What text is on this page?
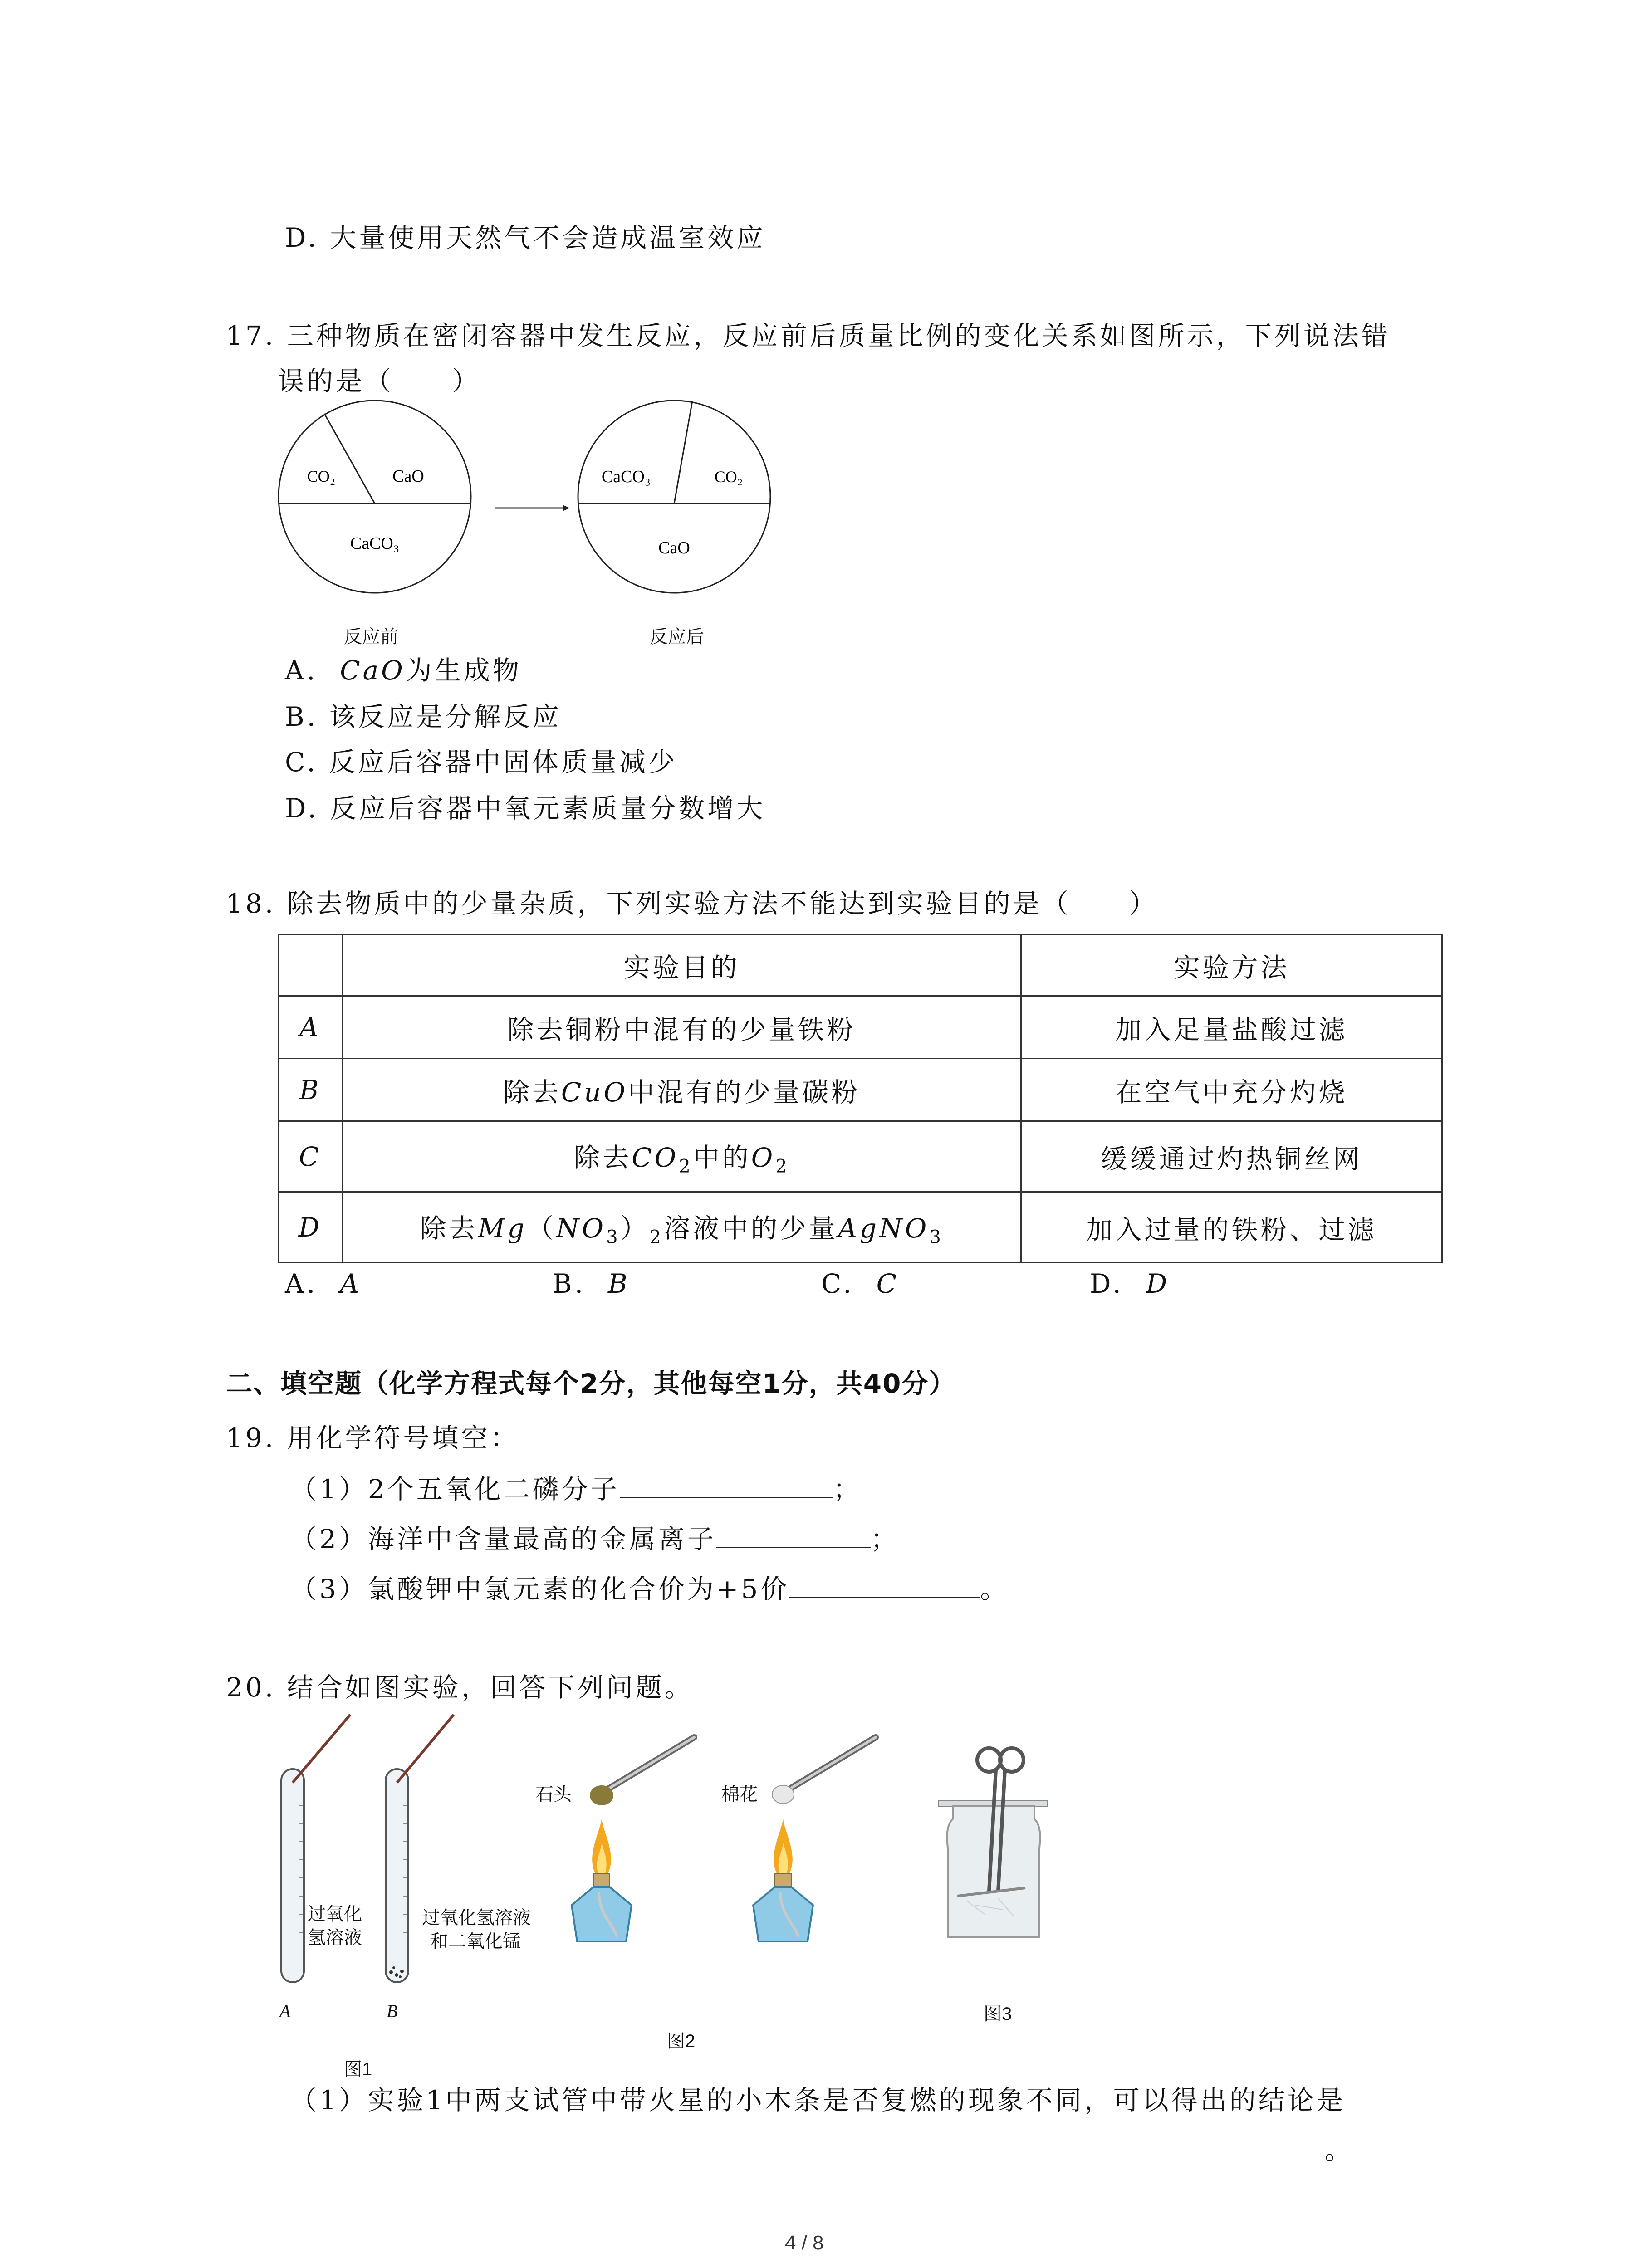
D. 大量使用天然气不会造成温室效应
17. 三种物质在密闭容器中发生反应，反应前后质量比例的变化关系如图所示，下列说法错
误的是（　　）
CO₂	CaO
CaCO₃
CaCO₃	CO₂
CaO
反应前	反应后
A. CaO为生成物
B. 该反应是分解反应
C. 反应后容器中固体质量减少
D. 反应后容器中氧元素质量分数增大
18. 除去物质中的少量杂质，下列实验方法不能达到实验目的是（　　）
	实验目的	实验方法
A	除去铜粉中混有的少量铁粉	加入足量盐酸过滤
B	除去CuO中混有的少量碳粉	在空气中充分灼烧
C	除去$CO_2$中的$O_2$	缓缓通过灼热铜丝网
D	除去$Mg(NO_3)_2$溶液中的少量AgNO$_3$	加入过量的铁粉、过滤
A. A	B. B	C. C	D. D
二、填空题（化学方程式每个2分，其他每空1分，共40分）
19. 用化学符号填空：
（1）2个五氧化二磷分子	；
（2）海洋中含量最高的金属离子	；
（3）氯酸钾中氯元素的化合价为+5价	。
20. 结合如图实验，回答下列问题。
过氧化
氢溶液
过氧化氢溶液
和二氧化锰
A	B
图1
石头	棉花
图2
图3
（1）实验1中两支试管中带火星的小木条是否复燃的现象不同，可以得出的结论是
。
4 / 8
